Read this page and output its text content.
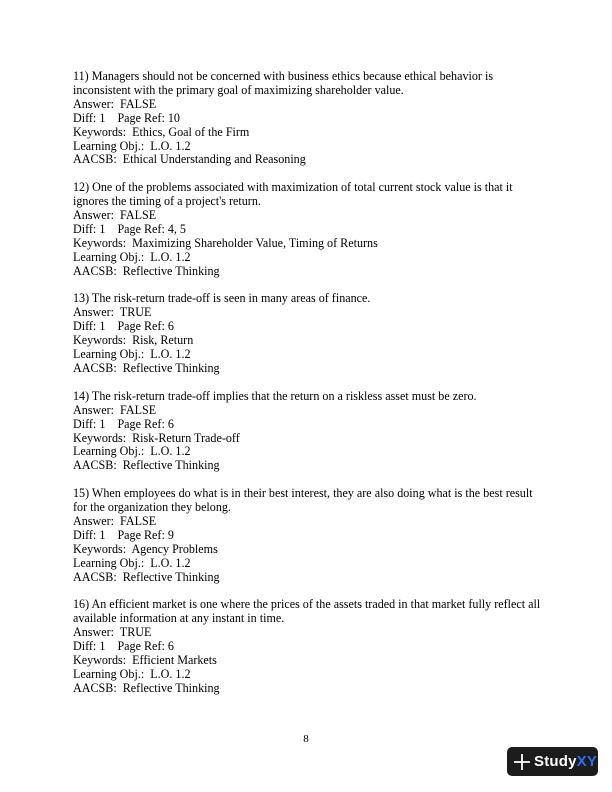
11) Managers should not be concerned with business ethics because ethical behavior is inconsistent with the primary goal of maximizing shareholder value.
Answer:  FALSE
Diff: 1    Page Ref: 10
Keywords:  Ethics, Goal of the Firm
Learning Obj.:  L.O. 1.2
AACSB:  Ethical Understanding and Reasoning
12) One of the problems associated with maximization of total current stock value is that it ignores the timing of a project's return.
Answer:  FALSE
Diff: 1    Page Ref: 4, 5
Keywords:  Maximizing Shareholder Value, Timing of Returns
Learning Obj.:  L.O. 1.2
AACSB:  Reflective Thinking
13) The risk-return trade-off is seen in many areas of finance.
Answer:  TRUE
Diff: 1    Page Ref: 6
Keywords:  Risk, Return
Learning Obj.:  L.O. 1.2
AACSB:  Reflective Thinking
14) The risk-return trade-off implies that the return on a riskless asset must be zero.
Answer:  FALSE
Diff: 1    Page Ref: 6
Keywords:  Risk-Return Trade-off
Learning Obj.:  L.O. 1.2
AACSB:  Reflective Thinking
15) When employees do what is in their best interest, they are also doing what is the best result for the organization they belong.
Answer:  FALSE
Diff: 1    Page Ref: 9
Keywords:  Agency Problems
Learning Obj.:  L.O. 1.2
AACSB:  Reflective Thinking
16) An efficient market is one where the prices of the assets traded in that market fully reflect all available information at any instant in time.
Answer:  TRUE
Diff: 1    Page Ref: 6
Keywords:  Efficient Markets
Learning Obj.:  L.O. 1.2
AACSB:  Reflective Thinking
8
StudyXY
